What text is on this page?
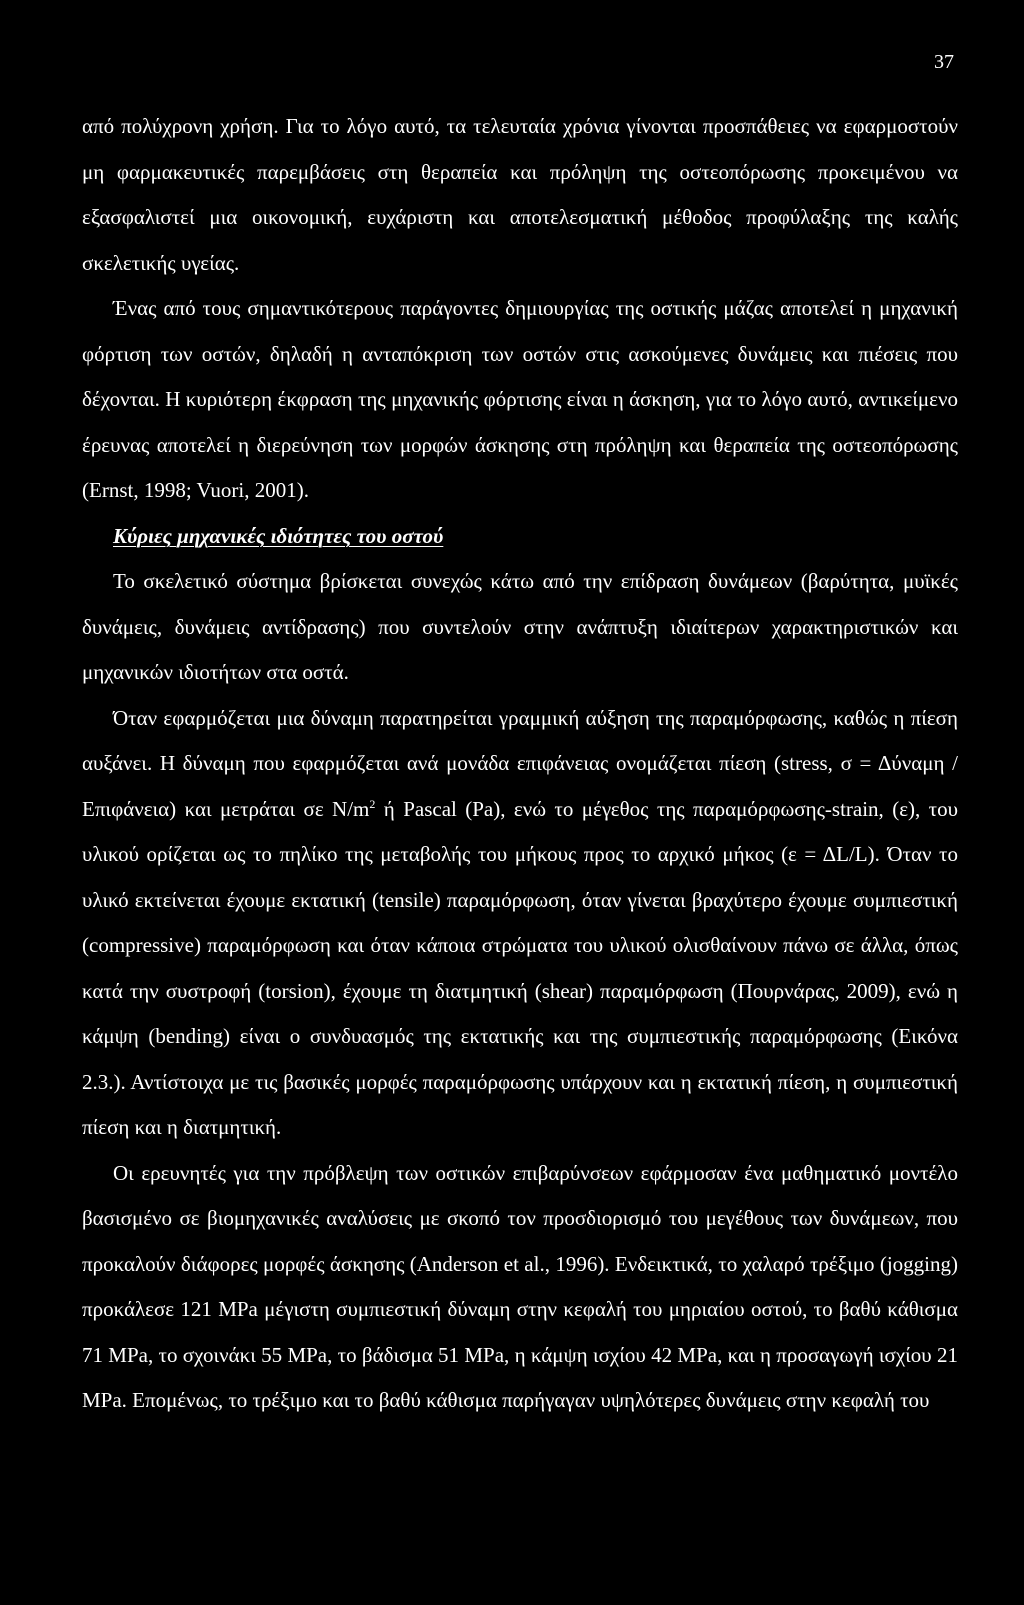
37

από πολύχρονη χρήση. Για το λόγο αυτό, τα τελευταία χρόνια γίνονται προσπάθειες να εφαρμοστούν μη φαρμακευτικές παρεμβάσεις στη θεραπεία και πρόληψη της οστεοπόρωσης προκειμένου να εξασφαλιστεί μια οικονομική, ευχάριστη και αποτελεσματική μέθοδος προφύλαξης της καλής σκελετικής υγείας.

Ένας από τους σημαντικότερους παράγοντες δημιουργίας της οστικής μάζας αποτελεί η μηχανική φόρτιση των οστών, δηλαδή η ανταπόκριση των οστών στις ασκούμενες δυνάμεις και πιέσεις που δέχονται. Η κυριότερη έκφραση της μηχανικής φόρτισης είναι η άσκηση, για το λόγο αυτό, αντικείμενο έρευνας αποτελεί η διερεύνηση των μορφών άσκησης στη πρόληψη και θεραπεία της οστεοπόρωσης (Ernst, 1998; Vuori, 2001).

Κύριες μηχανικές ιδιότητες του οστού

Το σκελετικό σύστημα βρίσκεται συνεχώς κάτω από την επίδραση δυνάμεων (βαρύτητα, μυϊκές δυνάμεις, δυνάμεις αντίδρασης) που συντελούν στην ανάπτυξη ιδιαίτερων χαρακτηριστικών και μηχανικών ιδιοτήτων στα οστά.

Όταν εφαρμόζεται μια δύναμη παρατηρείται γραμμική αύξηση της παραμόρφωσης, καθώς η πίεση αυξάνει. Η δύναμη που εφαρμόζεται ανά μονάδα επιφάνειας ονομάζεται πίεση (stress, σ = Δύναμη / Επιφάνεια) και μετράται σε $N/m^2$ ή Pascal (Pa), ενώ το μέγεθος της παραμόρφωσης-strain, (ε), του υλικού ορίζεται ως το πηλίκο της μεταβολής του μήκους προς το αρχικό μήκος (ε = ΔL/L). Όταν το υλικό εκτείνεται έχουμε εκτατική (tensile) παραμόρφωση, όταν γίνεται βραχύτερο έχουμε συμπιεστική (compressive) παραμόρφωση και όταν κάποια στρώματα του υλικού ολισθαίνουν πάνω σε άλλα, όπως κατά την συστροφή (torsion), έχουμε τη διατμητική (shear) παραμόρφωση (Πουρνάρας, 2009), ενώ η κάμψη (bending) είναι ο συνδυασμός της εκτατικής και της συμπιεστικής παραμόρφωσης (Εικόνα 2.3.). Αντίστοιχα με τις βασικές μορφές παραμόρφωσης υπάρχουν και η εκτατική πίεση, η συμπιεστική πίεση και η διατμητική.

Οι ερευνητές για την πρόβλεψη των οστικών επιβαρύνσεων εφάρμοσαν ένα μαθηματικό μοντέλο βασισμένο σε βιομηχανικές αναλύσεις με σκοπό τον προσδιορισμό του μεγέθους των δυνάμεων, που προκαλούν διάφορες μορφές άσκησης (Anderson et al., 1996). Ενδεικτικά, το χαλαρό τρέξιμο (jogging) προκάλεσε 121 MPa μέγιστη συμπιεστική δύναμη στην κεφαλή του μηριαίου οστού, το βαθύ κάθισμα 71 MPa, το σχοινάκι 55 MPa, το βάδισμα 51 MPa, η κάμψη ισχίου 42 MPa, και η προσαγωγή ισχίου 21 MPa. Επομένως, το τρέξιμο και το βαθύ κάθισμα παρήγαγαν υψηλότερες δυνάμεις στην κεφαλή του
